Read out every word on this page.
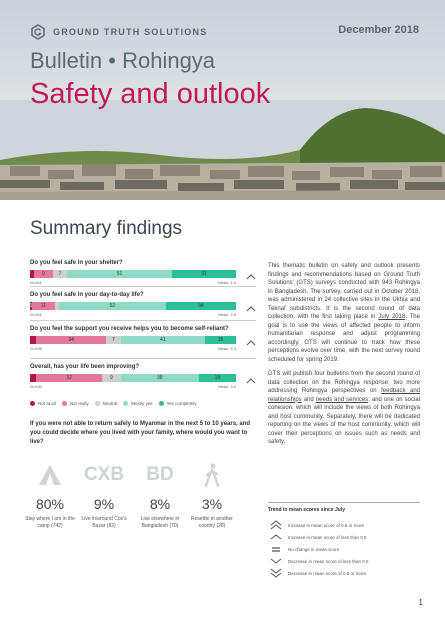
GROUND TRUTH SOLUTIONS	December 2018
Bulletin • Rohingya
Safety and outlook
Summary findings
Do you feel safe in your shelter?
9	7	51	31
N=941	Mean: 4.0
Do you feel safe in your day-to-day life?
1	11	52	34
N=941	Mean: 3.9
Do you feel the support you receive helps you to become self-reliant?
34	7	41	15
N=935	Mean: 3.3
Overall, has your life been improving?
32	9	38	18
N=934	Mean: 3.4
Not at all	Not really	Neutral	Mostly yes	Yes completely
If you were not able to return safely to Myanmar in the next 5 to 10 years, and you could decide where you lived with your family, where would you want to live?
80%
Stay where I am in the camp (742)
CXB
9%
Live in/around Cox's Bazar (82)
BD
8%
Live elsewhere in Bangladesh (70)
3%
Resettle in another country (28)

This thematic bulletin on safety and outlook presents findings and recommendations based on Ground Truth Solutions' (GTS) surveys conducted with 943 Rohingya in Bangladesh. The survey, carried out in October 2018, was administered in 24 collective sites in the Ukhia and Teknaf subdistricts. It is the second round of data collection, with the first taking place in July 2018. The goal is to use the views of affected people to inform humanitarian response and adjust programming accordingly. GTS will continue to track how these perceptions evolve over time, with the next survey round scheduled for spring 2019.

GTS will publish four bulletins from the second round of data collection on the Rohingya response: two more addressing Rohingya perspectives on feedback and relationships and needs and services; and one on social cohesion, which will include the views of both Rohingya and host community. Separately, there will be dedicated reporting on the views of the host community, which will cover their perceptions on issues such as needs and safety.

Trend in mean scores since July
Increase in mean score of 0.5 or more
Increase in mean score of less than 0.5
No change in mean score
Decrease in mean score of less than 0.5
Decrease in mean score of 0.5 or more
1
